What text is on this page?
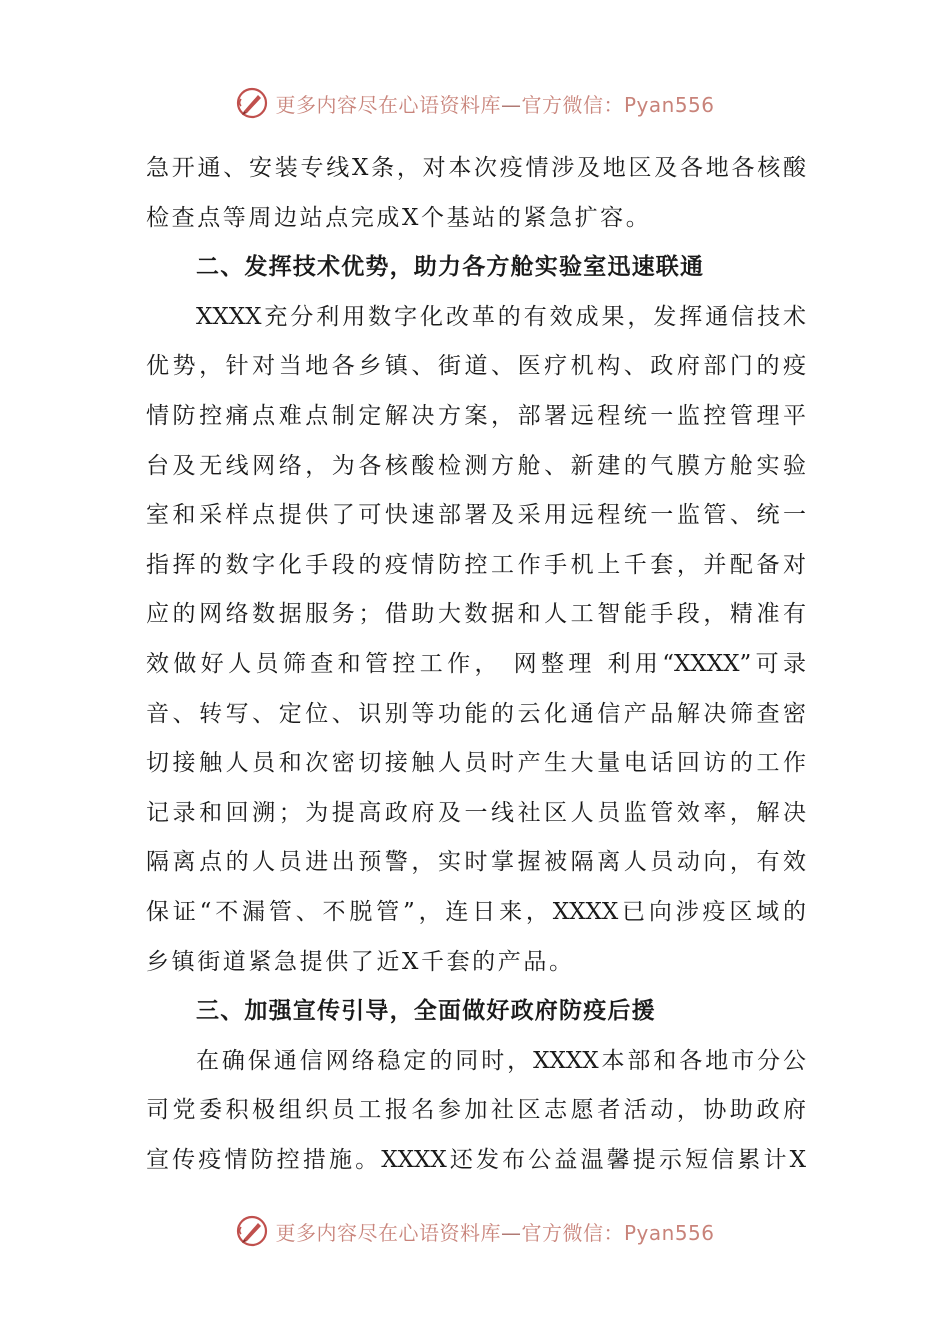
更多内容尽在心语资料库—官方微信：Pyan556
急开通、安装专线X条，对本次疫情涉及地区及各地各核酸
检查点等周边站点完成X个基站的紧急扩容。
二、发挥技术优势，助力各方舱实验室迅速联通
XXXX充分利用数字化改革的有效成果，发挥通信技术
优势，针对当地各乡镇、街道、医疗机构、政府部门的疫
情防控痛点难点制定解决方案，部署远程统一监控管理平
台及无线网络，为各核酸检测方舱、新建的气膜方舱实验
室和采样点提供了可快速部署及采用远程统一监管、统一
指挥的数字化手段的疫情防控工作手机上千套，并配备对
应的网络数据服务；借助大数据和人工智能手段，精准有
效做好人员筛查和管控工作， 网整理 利用“XXXX”可录
音、转写、定位、识别等功能的云化通信产品解决筛查密
切接触人员和次密切接触人员时产生大量电话回访的工作
记录和回溯；为提高政府及一线社区人员监管效率，解决
隔离点的人员进出预警，实时掌握被隔离人员动向，有效
保证“不漏管、不脱管”，连日来，XXXX已向涉疫区域的
乡镇街道紧急提供了近X千套的产品。
三、加强宣传引导，全面做好政府防疫后援
在确保通信网络稳定的同时，XXXX本部和各地市分公
司党委积极组织员工报名参加社区志愿者活动，协助政府
宣传疫情防控措施。XXXX还发布公益温馨提示短信累计X
更多内容尽在心语资料库—官方微信：Pyan556
